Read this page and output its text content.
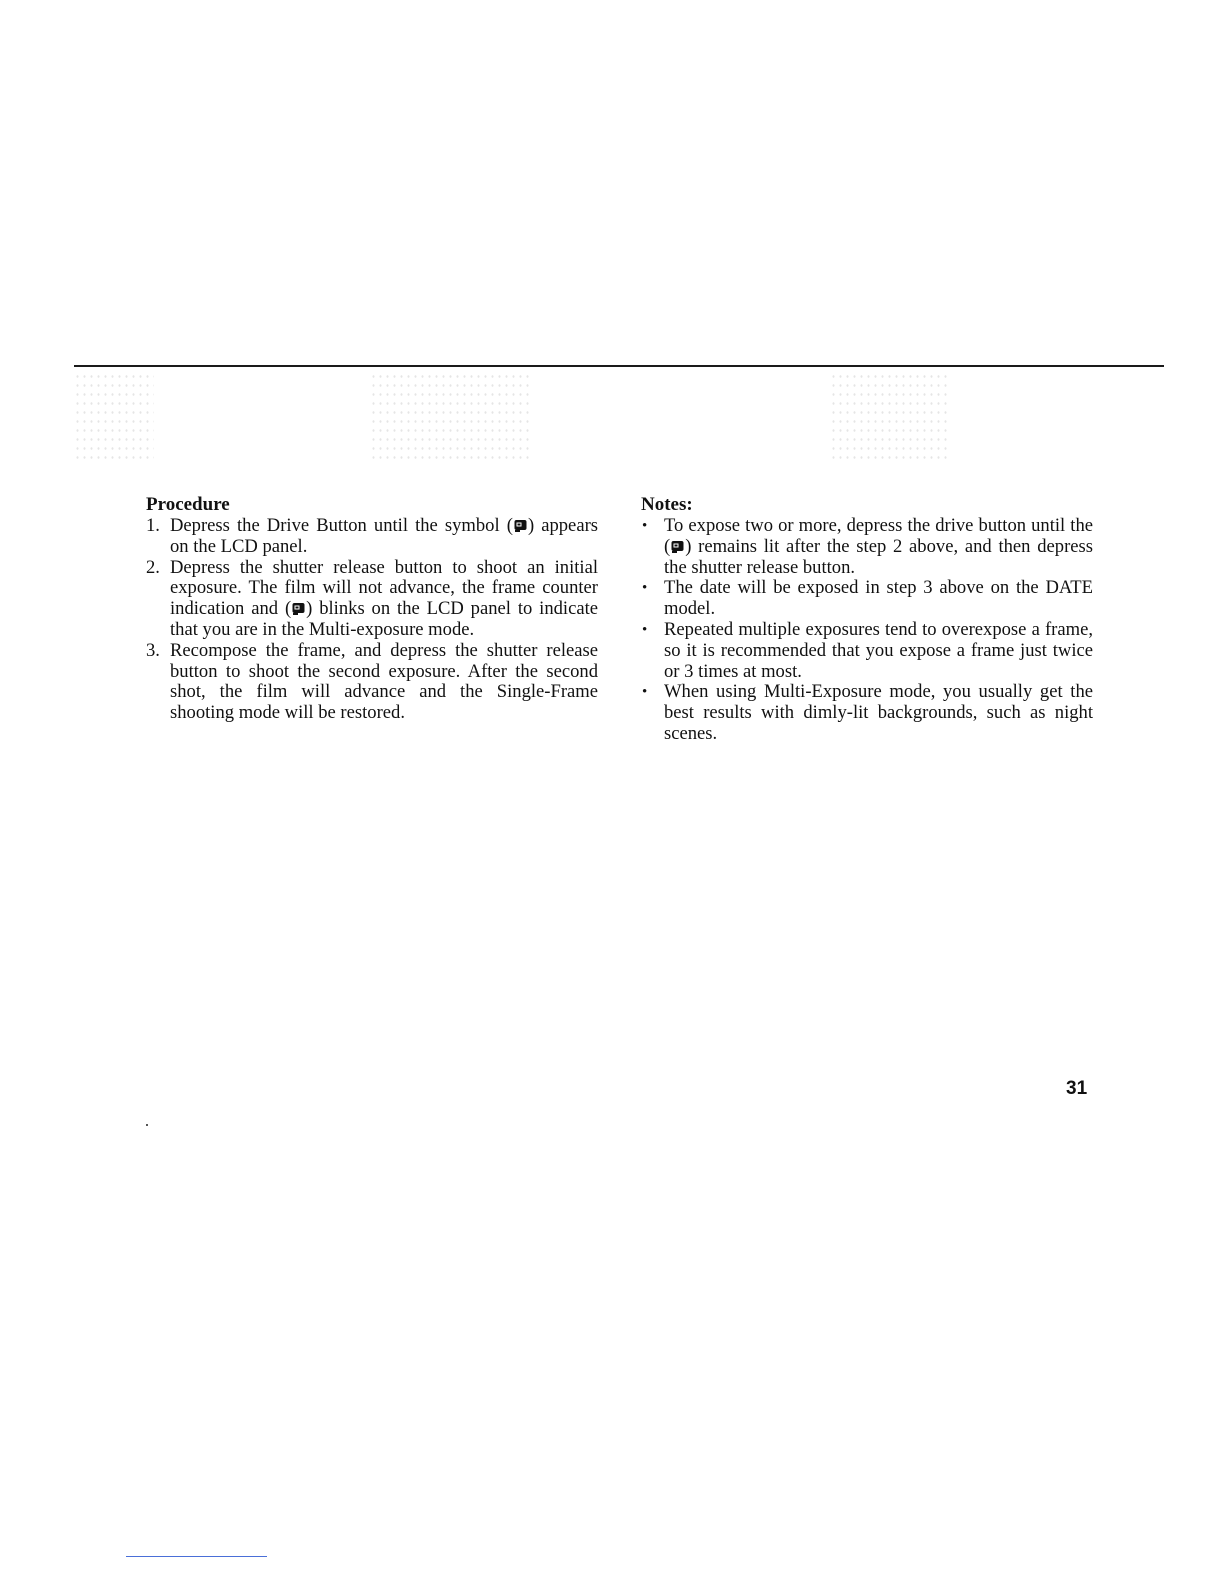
Procedure
1. Depress the Drive Button until the symbol ( ) appears on the LCD panel.
2. Depress the shutter release button to shoot an initial exposure. The film will not advance, the frame counter indication and ( ) blinks on the LCD panel to indicate that you are in the Multi-exposure mode.
3. Recompose the frame, and depress the shutter release button to shoot the second exposure. After the second shot, the film will advance and the Single-Frame shooting mode will be restored.
Notes:
• To expose two or more, depress the drive button until the ( ) remains lit after the step 2 above, and then depress the shutter release button.
• The date will be exposed in step 3 above on the DATE model.
• Repeated multiple exposures tend to overexpose a frame, so it is recommended that you expose a frame just twice or 3 times at most.
• When using Multi-Exposure mode, you usually get the best results with dimly-lit backgrounds, such as night scenes.
31
